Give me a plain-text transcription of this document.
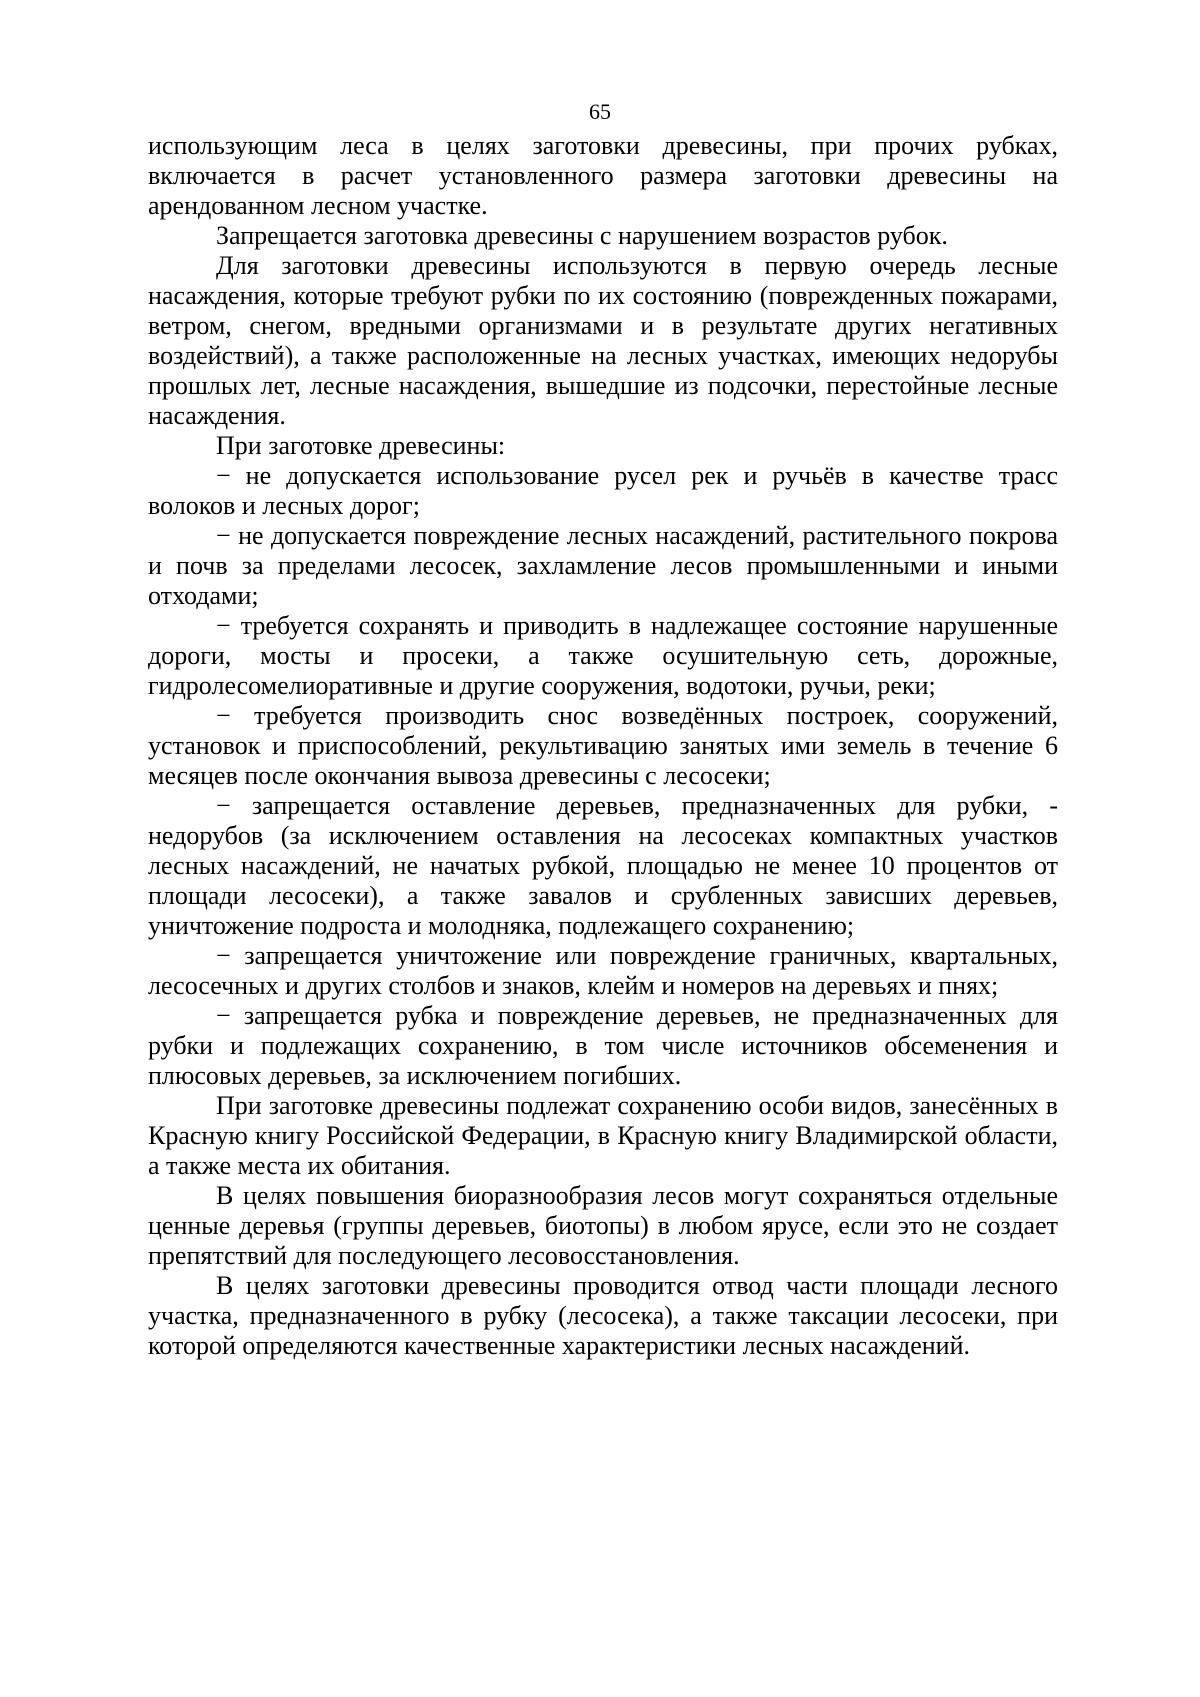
65

использующим леса в целях заготовки древесины, при прочих рубках, включается в расчет установленного размера заготовки древесины на арендованном лесном участке.

Запрещается заготовка древесины с нарушением возрастов рубок.

Для заготовки древесины используются в первую очередь лесные насаждения, которые требуют рубки по их состоянию (поврежденных пожарами, ветром, снегом, вредными организмами и в результате других негативных воздействий), а также расположенные на лесных участках, имеющих недорубы прошлых лет, лесные насаждения, вышедшие из подсочки, перестойные лесные насаждения.

При заготовке древесины:

− не допускается использование русел рек и ручьёв в качестве трасс волоков и лесных дорог;

− не допускается повреждение лесных насаждений, растительного покрова и почв за пределами лесосек, захламление лесов промышленными и иными отходами;

− требуется сохранять и приводить в надлежащее состояние нарушенные дороги, мосты и просеки, а также осушительную сеть, дорожные, гидролесомелиоративные и другие сооружения, водотоки, ручьи, реки;

− требуется производить снос возведённых построек, сооружений, установок и приспособлений, рекультивацию занятых ими земель в течение 6 месяцев после окончания вывоза древесины с лесосеки;

− запрещается оставление деревьев, предназначенных для рубки, - недорубов (за исключением оставления на лесосеках компактных участков лесных насаждений, не начатых рубкой, площадью не менее 10 процентов от площади лесосеки), а также завалов и срубленных зависших деревьев, уничтожение подроста и молодняка, подлежащего сохранению;

− запрещается уничтожение или повреждение граничных, квартальных, лесосечных и других столбов и знаков, клейм и номеров на деревьях и пнях;

− запрещается рубка и повреждение деревьев, не предназначенных для рубки и подлежащих сохранению, в том числе источников обсеменения и плюсовых деревьев, за исключением погибших.

При заготовке древесины подлежат сохранению особи видов, занесённых в Красную книгу Российской Федерации, в Красную книгу Владимирской области, а также места их обитания.

В целях повышения биоразнообразия лесов могут сохраняться отдельные ценные деревья (группы деревьев, биотопы) в любом ярусе, если это не создает препятствий для последующего лесовосстановления.

В целях заготовки древесины проводится отвод части площади лесного участка, предназначенного в рубку (лесосека), а также таксации лесосеки, при которой определяются качественные характеристики лесных насаждений.
